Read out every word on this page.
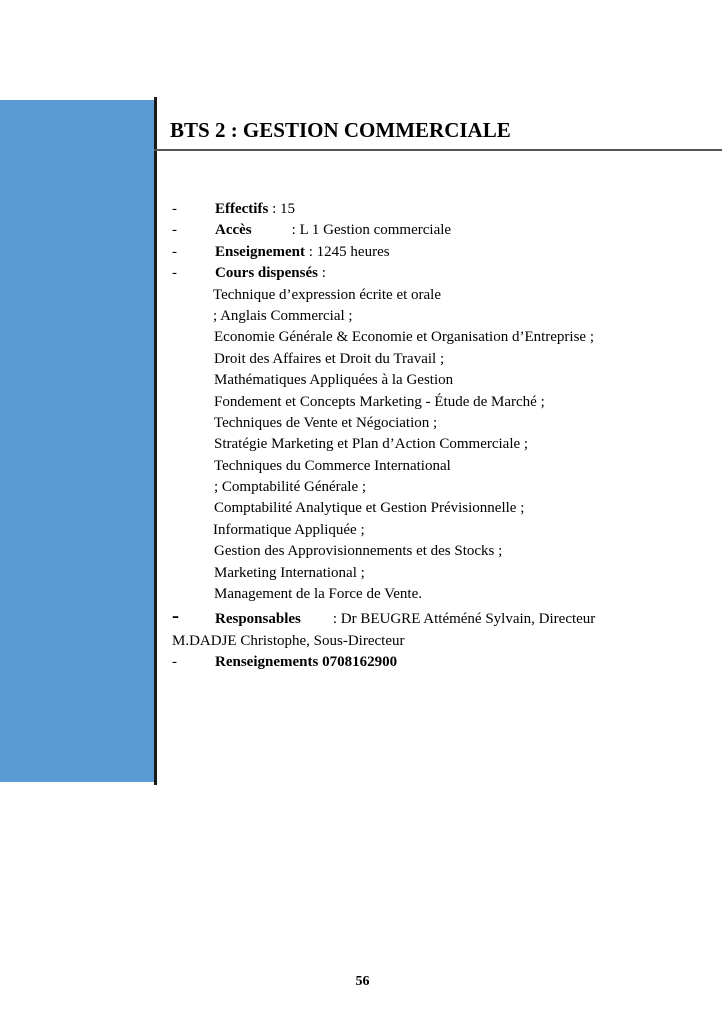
BTS 2 : GESTION COMMERCIALE
-	Effectifs : 15
-	Accès	: L 1 Gestion commerciale
-	Enseignement : 1245 heures
-	Cours dispensés :
Technique d’expression écrite et orale
; Anglais Commercial ;
Economie Générale & Economie et Organisation d’Entreprise ;
Droit des Affaires et Droit du Travail ;
Mathématiques Appliquées à la Gestion
Fondement et Concepts Marketing - Étude de Marché ;
Techniques de Vente et Négociation ;
Stratégie Marketing et Plan d’Action Commerciale ;
Techniques du Commerce International
; Comptabilité Générale ;
Comptabilité Analytique et Gestion Prévisionnelle ;
Informatique Appliquée ;
Gestion des Approvisionnements et des Stocks ;
Marketing International ;
Management de la Force de Vente.
- Responsables : Dr BEUGRE Attéméné Sylvain, Directeur
M.DADJE Christophe, Sous-Directeur
-	Renseignements 0708162900
56
